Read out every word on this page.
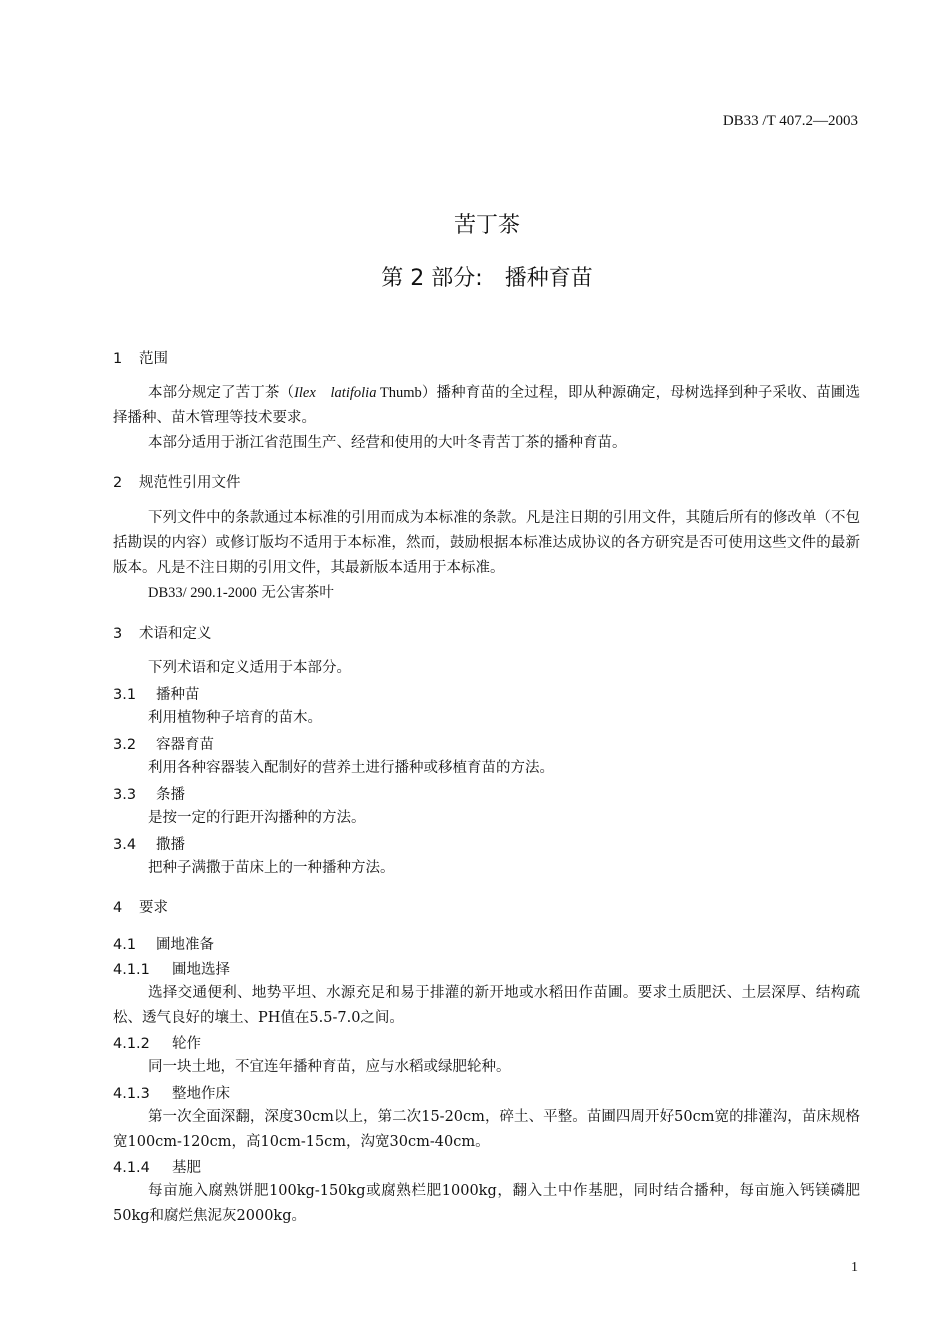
DB33 /T 407.2—2003
苦丁茶
第 2 部分:　播种育苗
1 范围
本部分规定了苦丁茶（Ilex　latifolia Thumb）播种育苗的全过程，即从种源确定，母树选择到种子采收、苗圃选择播种、苗木管理等技术要求。
本部分适用于浙江省范围生产、经营和使用的大叶冬青苦丁茶的播种育苗。
2 规范性引用文件
下列文件中的条款通过本标准的引用而成为本标准的条款。凡是注日期的引用文件，其随后所有的修改单（不包括勘误的内容）或修订版均不适用于本标准，然而，鼓励根据本标准达成协议的各方研究是否可使用这些文件的最新版本。凡是不注日期的引用文件，其最新版本适用于本标准。
DB33/ 290.1-2000 无公害茶叶
3 术语和定义
下列术语和定义适用于本部分。
3.1 播种苗
利用植物种子培育的苗木。
3.2 容器育苗
利用各种容器装入配制好的营养土进行播种或移植育苗的方法。
3.3 条播
是按一定的行距开沟播种的方法。
3.4 撒播
把种子满撒于苗床上的一种播种方法。
4 要求
4.1 圃地准备
4.1.1 圃地选择
选择交通便利、地势平坦、水源充足和易于排灌的新开地或水稻田作苗圃。要求土质肥沃、土层深厚、结构疏松、透气良好的壤土、PH值在5.5-7.0之间。
4.1.2 轮作
同一块土地，不宜连年播种育苗，应与水稻或绿肥轮种。
4.1.3 整地作床
第一次全面深翻，深度30cm以上，第二次15-20cm，碎土、平整。苗圃四周开好50cm宽的排灌沟，苗床规格宽100cm-120cm，高10cm-15cm，沟宽30cm-40cm。
4.1.4 基肥
每亩施入腐熟饼肥100kg-150kg或腐熟栏肥1000kg，翻入土中作基肥，同时结合播种，每亩施入钙镁磷肥50kg和腐烂焦泥灰2000kg。
1
